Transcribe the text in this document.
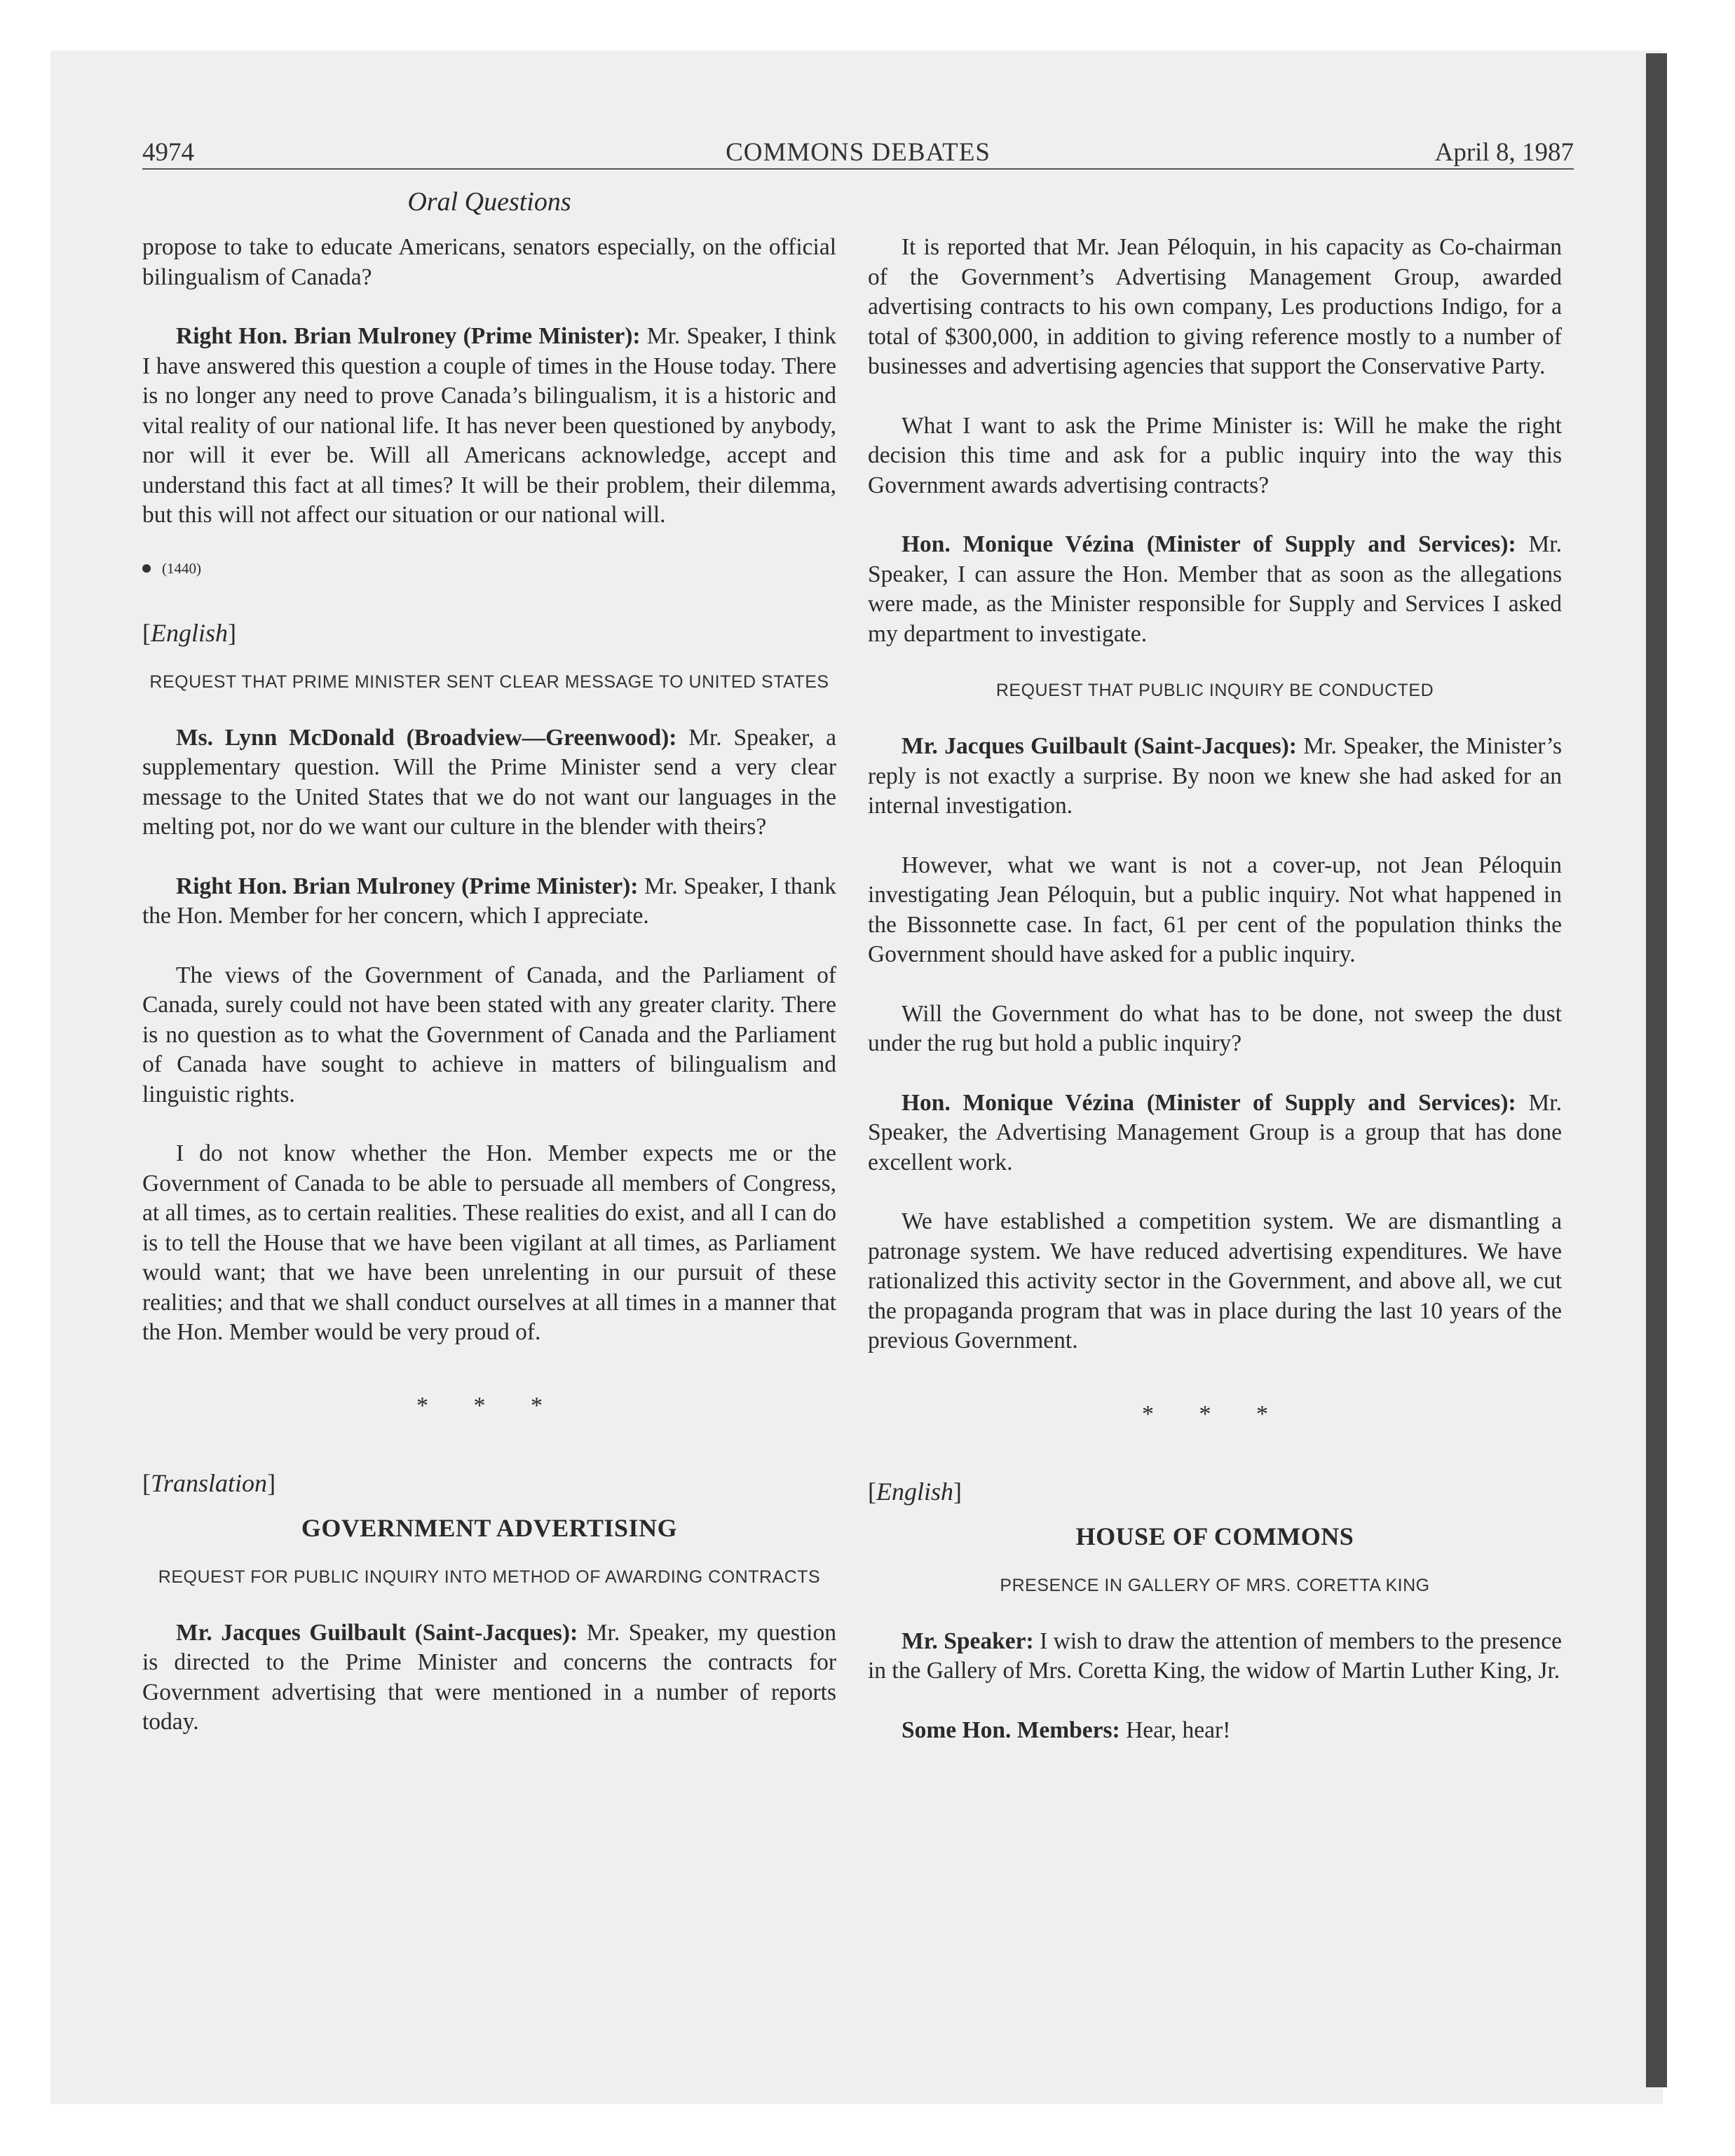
4974	COMMONS DEBATES	April 8, 1987
Oral Questions

propose to take to educate Americans, senators especially, on the official bilingualism of Canada?

Right Hon. Brian Mulroney (Prime Minister): Mr. Speaker, I think I have answered this question a couple of times in the House today. There is no longer any need to prove Canada’s bilingualism, it is a historic and vital reality of our national life. It has never been questioned by anybody, nor will it ever be. Will all Americans acknowledge, accept and understand this fact at all times? It will be their problem, their dilemma, but this will not affect our situation or our national will.

(1440)
[English]
REQUEST THAT PRIME MINISTER SENT CLEAR MESSAGE TO UNITED STATES

Ms. Lynn McDonald (Broadview—Greenwood): Mr. Speaker, a supplementary question. Will the Prime Minister send a very clear message to the United States that we do not want our languages in the melting pot, nor do we want our culture in the blender with theirs?

Right Hon. Brian Mulroney (Prime Minister): Mr. Speaker, I thank the Hon. Member for her concern, which I appreciate.

The views of the Government of Canada, and the Parliament of Canada, surely could not have been stated with any greater clarity. There is no question as to what the Government of Canada and the Parliament of Canada have sought to achieve in matters of bilingualism and linguistic rights.

I do not know whether the Hon. Member expects me or the Government of Canada to be able to persuade all members of Congress, at all times, as to certain realities. These realities do exist, and all I can do is to tell the House that we have been vigilant at all times, as Parliament would want; that we have been unrelenting in our pursuit of these realities; and that we shall conduct ourselves at all times in a manner that the Hon. Member would be very proud of.

* * *
[Translation]
GOVERNMENT ADVERTISING
REQUEST FOR PUBLIC INQUIRY INTO METHOD OF AWARDING CONTRACTS

Mr. Jacques Guilbault (Saint-Jacques): Mr. Speaker, my question is directed to the Prime Minister and concerns the contracts for Government advertising that were mentioned in a number of reports today.

It is reported that Mr. Jean Péloquin, in his capacity as Co-chairman of the Government’s Advertising Management Group, awarded advertising contracts to his own company, Les productions Indigo, for a total of $300,000, in addition to giving reference mostly to a number of businesses and advertising agencies that support the Conservative Party.

What I want to ask the Prime Minister is: Will he make the right decision this time and ask for a public inquiry into the way this Government awards advertising contracts?

Hon. Monique Vézina (Minister of Supply and Services): Mr. Speaker, I can assure the Hon. Member that as soon as the allegations were made, as the Minister responsible for Supply and Services I asked my department to investigate.

REQUEST THAT PUBLIC INQUIRY BE CONDUCTED

Mr. Jacques Guilbault (Saint-Jacques): Mr. Speaker, the Minister’s reply is not exactly a surprise. By noon we knew she had asked for an internal investigation.

However, what we want is not a cover-up, not Jean Péloquin investigating Jean Péloquin, but a public inquiry. Not what happened in the Bissonnette case. In fact, 61 per cent of the population thinks the Government should have asked for a public inquiry.

Will the Government do what has to be done, not sweep the dust under the rug but hold a public inquiry?

Hon. Monique Vézina (Minister of Supply and Services): Mr. Speaker, the Advertising Management Group is a group that has done excellent work.

We have established a competition system. We are dismantling a patronage system. We have reduced advertising expenditures. We have rationalized this activity sector in the Government, and above all, we cut the propaganda program that was in place during the last 10 years of the previous Government.

* * *
[English]
HOUSE OF COMMONS
PRESENCE IN GALLERY OF MRS. CORETTA KING

Mr. Speaker: I wish to draw the attention of members to the presence in the Gallery of Mrs. Coretta King, the widow of Martin Luther King, Jr.

Some Hon. Members: Hear, hear!
